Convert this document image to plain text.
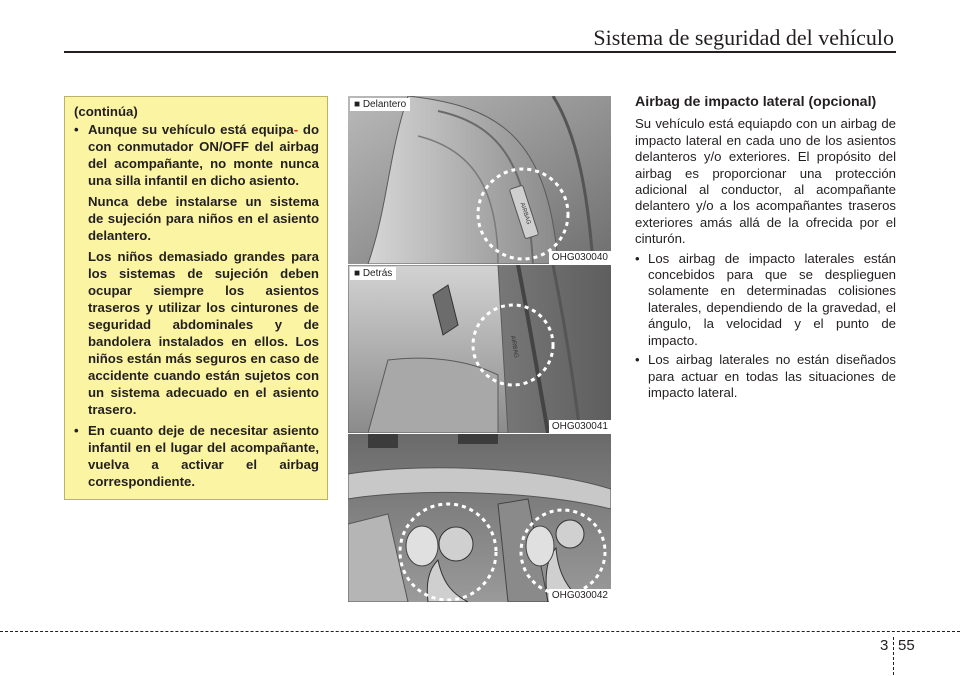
Sistema de seguridad del vehículo

(continúa)

• Aunque su vehículo está equipa- do con conmutador ON/OFF del airbag del acompañante, no monte nunca una silla infantil en dicho asiento.

Nunca debe instalarse un sistema de sujeción para niños en el asiento delantero.

Los niños demasiado grandes para los sistemas de sujeción deben ocupar siempre los asientos traseros y utilizar los cinturones de seguridad abdominales y de bandolera instalados en ellos. Los niños están más seguros en caso de accidente cuando están sujetos con un sistema adecuado en el asiento trasero.

• En cuanto deje de necesitar asiento infantil en el lugar del acompañante, vuelva a activar el airbag correspondiente.
AIRBAG
■ Delantero
OHG030040
AIRBAG
■ Detrás
OHG030041
OHG030042
Airbag de impacto lateral (opcional)

Su vehículo está equiapdo con un airbag de impacto lateral en cada uno de los asientos delanteros y/o exteriores. El propósito del airbag es proporcionar una protección adicional al conductor, al acompañante delantero y/o a los acompañantes traseros exteriores amás allá de la ofrecida por el cinturón.

• Los airbag de impacto laterales están concebidos para que se desplieguen solamente en determinadas colisiones laterales, dependiendo de la gravedad, el ángulo, la velocidad y el punto de impacto.
• Los airbag laterales no están diseñados para actuar en todas las situaciones de impacto lateral.
3 55
